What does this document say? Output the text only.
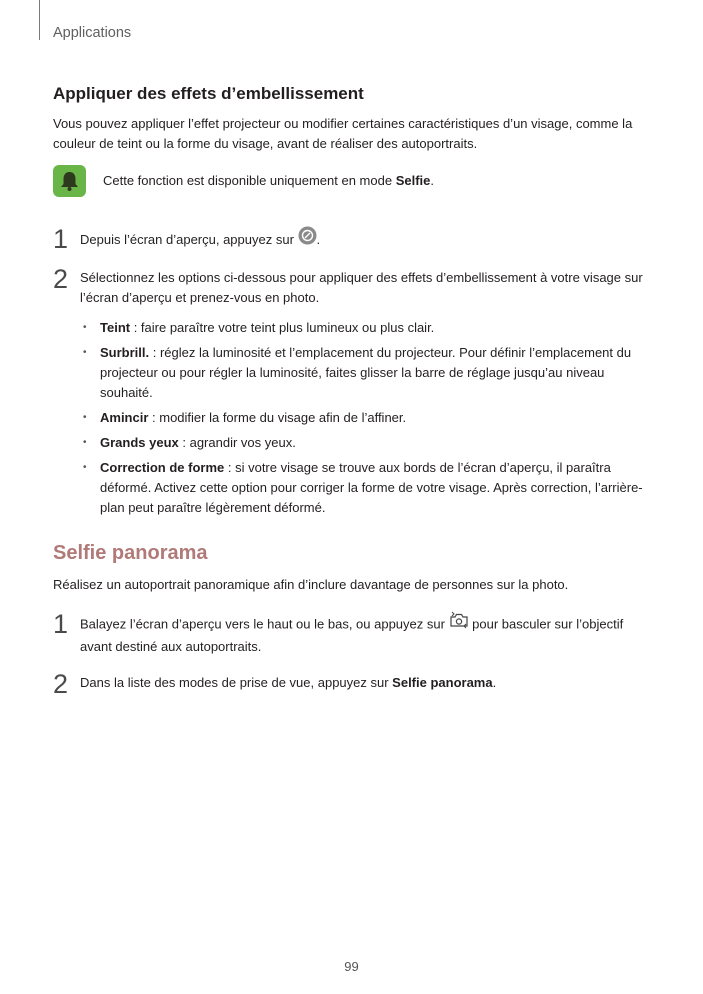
Applications
Appliquer des effets d’embellissement
Vous pouvez appliquer l’effet projecteur ou modifier certaines caractéristiques d’un visage, comme la couleur de teint ou la forme du visage, avant de réaliser des autoportraits.
Cette fonction est disponible uniquement en mode Selfie.
1 Depuis l’écran d’aperçu, appuyez sur .
2 Sélectionnez les options ci-dessous pour appliquer des effets d’embellissement à votre visage sur l’écran d’aperçu et prenez-vous en photo.
• Teint : faire paraître votre teint plus lumineux ou plus clair.
• Surbrill. : réglez la luminosité et l’emplacement du projecteur. Pour définir l’emplacement du projecteur ou pour régler la luminosité, faites glisser la barre de réglage jusqu’au niveau souhaité.
• Amincir : modifier la forme du visage afin de l’affiner.
• Grands yeux : agrandir vos yeux.
• Correction de forme : si votre visage se trouve aux bords de l’écran d’aperçu, il paraîtra déformé. Activez cette option pour corriger la forme de votre visage. Après correction, l’arrière-plan peut paraître légèrement déformé.
Selfie panorama
Réalisez un autoportrait panoramique afin d’inclure davantage de personnes sur la photo.
1 Balayez l’écran d’aperçu vers le haut ou le bas, ou appuyez sur  pour basculer sur l’objectif avant destiné aux autoportraits.
2 Dans la liste des modes de prise de vue, appuyez sur Selfie panorama.
99
